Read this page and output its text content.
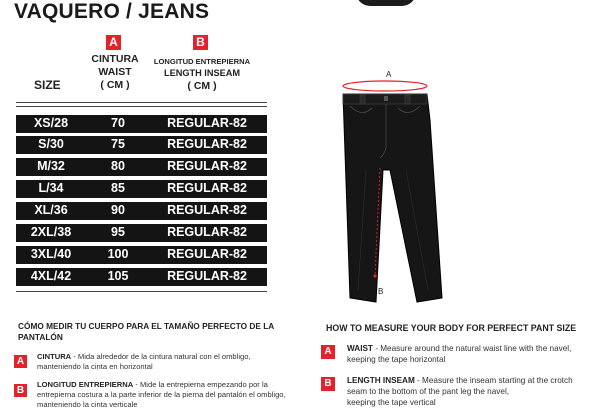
VAQUERO / JEANS
A
CINTURA
WAIST
( CM )
B
LONGITUD ENTREPIERNA
LENGTH INSEAM
( CM )
SIZE
XS/28	70	REGULAR-82
S/30	75	REGULAR-82
M/32	80	REGULAR-82
L/34	85	REGULAR-82
XL/36	90	REGULAR-82
2XL/38	95	REGULAR-82
3XL/40	100	REGULAR-82
4XL/42	105	REGULAR-82
A
B
CÓMO MEDIR TU CUERPO PARA EL TAMAÑO PERFECTO DE LA
PANTALÓN
A	CINTURA - Mida alrededor de la cintura natural con el ombligo,
manteniendo la cinta en horizontal
B
LONGITUD ENTREPIERNA - Mide la entrepierna empezando por la
entrepierna costura a la parte inferior de la pierna del pantalón el ombligo,
manteniendo la cinta verticale
HOW TO MEASURE YOUR BODY FOR PERFECT PANT SIZE
A	WAIST - Measure around the natural waist line with the navel,
keeping the tape horizontal
B	LENGTH INSEAM - Measure the inseam starting at the crotch
seam to the bottom of the pant leg the navel,
keeping the tape vertical
